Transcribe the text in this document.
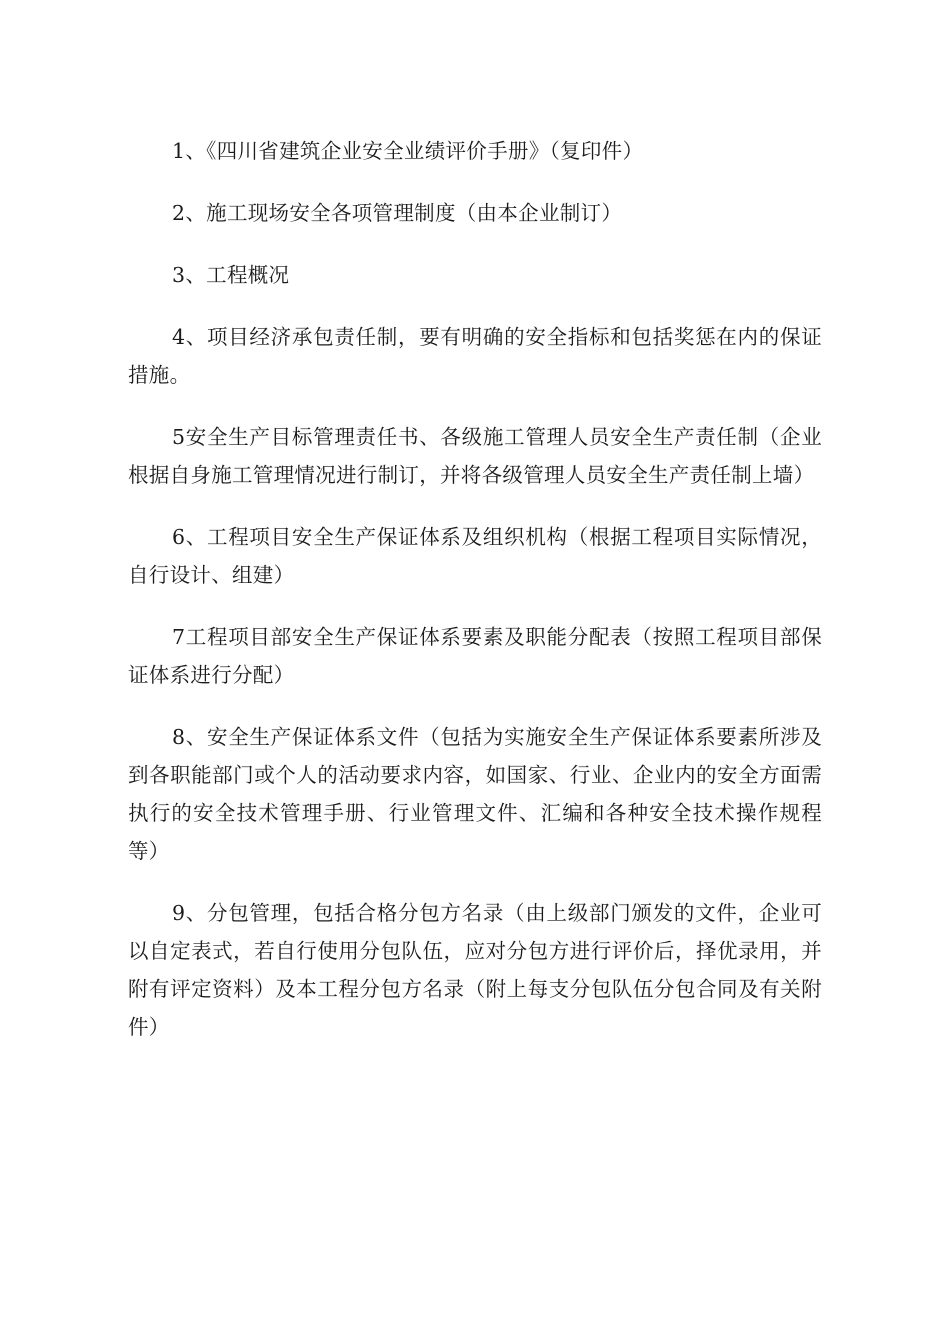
1、《四川省建筑企业安全业绩评价手册》（复印件）

2、施工现场安全各项管理制度（由本企业制订）

3、工程概况

4、项目经济承包责任制，要有明确的安全指标和包括奖惩在内的保证措施。

5安全生产目标管理责任书、各级施工管理人员安全生产责任制（企业根据自身施工管理情况进行制订，并将各级管理人员安全生产责任制上墙）

6、工程项目安全生产保证体系及组织机构（根据工程项目实际情况，自行设计、组建）

7工程项目部安全生产保证体系要素及职能分配表（按照工程项目部保证体系进行分配）

8、安全生产保证体系文件（包括为实施安全生产保证体系要素所涉及到各职能部门或个人的活动要求内容，如国家、行业、企业内的安全方面需执行的安全技术管理手册、行业管理文件、汇编和各种安全技术操作规程等）

9、分包管理，包括合格分包方名录（由上级部门颁发的文件，企业可以自定表式，若自行使用分包队伍，应对分包方进行评价后，择优录用，并附有评定资料）及本工程分包方名录（附上每支分包队伍分包合同及有关附件）
